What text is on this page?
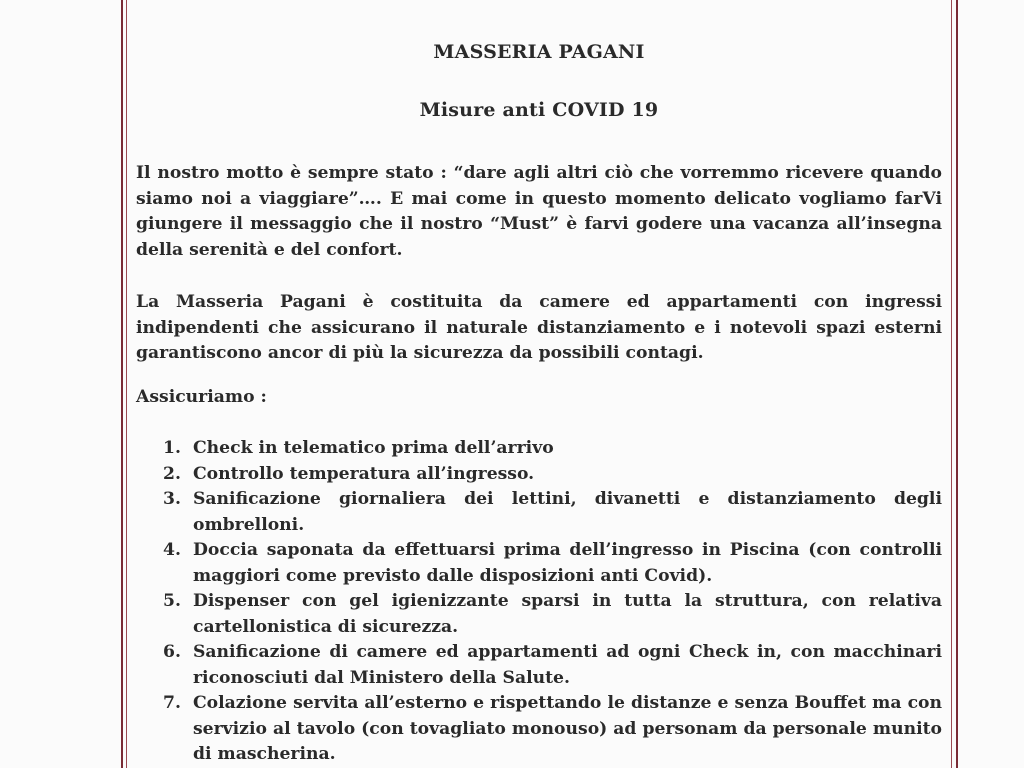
MASSERIA PAGANI
Misure anti COVID 19

Il nostro motto è sempre stato : “dare agli altri ciò che vorremmo ricevere quando siamo noi a viaggiare”…. E mai come in questo momento delicato vogliamo farVi giungere il messaggio che il nostro “Must” è farvi godere una vacanza all’insegna della serenità e del confort.

La Masseria Pagani è costituita da camere ed appartamenti con ingressi indipendenti che assicurano il naturale distanziamento e i notevoli spazi esterni garantiscono ancor di più la sicurezza da possibili contagi.

Assicuriamo :

1. Check in telematico prima dell’arrivo
2. Controllo temperatura all’ingresso.
3. Sanificazione giornaliera dei lettini, divanetti e distanziamento degli ombrelloni.
4. Doccia saponata da effettuarsi prima dell’ingresso in Piscina (con controlli maggiori come previsto dalle disposizioni anti Covid).
5. Dispenser con gel igienizzante sparsi in tutta la struttura, con relativa cartellonistica di sicurezza.
6. Sanificazione di camere ed appartamenti ad ogni Check in, con macchinari riconosciuti dal Ministero della Salute.
7. Colazione servita all’esterno e rispettando le distanze e senza Bouffet ma con servizio al tavolo (con tovagliato monouso) ad personam da personale munito di mascherina.
